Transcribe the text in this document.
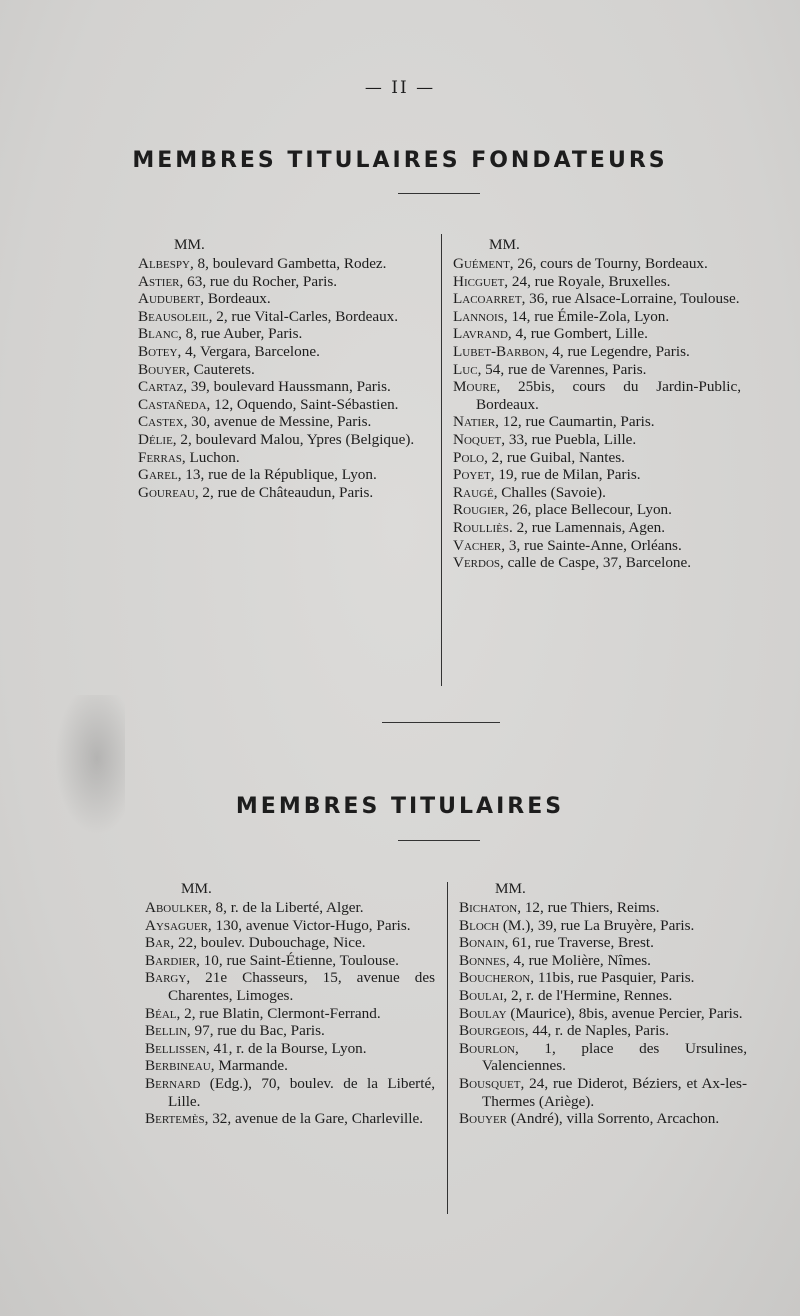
— II —
MEMBRES TITULAIRES FONDATEURS
MM.
Albespy, 8, boulevard Gambetta, Rodez.
Astier, 63, rue du Rocher, Paris.
Audubert, Bordeaux.
Beausoleil, 2, rue Vital-Carles, Bordeaux.
Blanc, 8, rue Auber, Paris.
Botey, 4, Vergara, Barcelone.
Bouyer, Cauterets.
Cartaz, 39, boulevard Haussmann, Paris.
Castañeda, 12, Oquendo, Saint-Sébastien.
Castex, 30, avenue de Messine, Paris.
Délie, 2, boulevard Malou, Ypres (Belgique).
Ferras, Luchon.
Garel, 13, rue de la République, Lyon.
Goureau, 2, rue de Châteaudun, Paris.
MM.
Guément, 26, cours de Tourny, Bordeaux.
Hicguet, 24, rue Royale, Bruxelles.
Lacoarret, 36, rue Alsace-Lorraine, Toulouse.
Lannois, 14, rue Émile-Zola, Lyon.
Lavrand, 4, rue Gombert, Lille.
Lubet-Barbon, 4, rue Legendre, Paris.
Luc, 54, rue de Varennes, Paris.
Moure, 25bis, cours du Jardin-Public, Bordeaux.
Natier, 12, rue Caumartin, Paris.
Noquet, 33, rue Puebla, Lille.
Polo, 2, rue Guibal, Nantes.
Poyet, 19, rue de Milan, Paris.
Raugé, Challes (Savoie).
Rougier, 26, place Bellecour, Lyon.
Roulliès. 2, rue Lamennais, Agen.
Vacher, 3, rue Sainte-Anne, Orléans.
Verdos, calle de Caspe, 37, Barcelone.
MEMBRES TITULAIRES
MM.
Aboulker, 8, r. de la Liberté, Alger.
Aysaguer, 130, avenue Victor-Hugo, Paris.
Bar, 22, boulev. Dubouchage, Nice.
Bardier, 10, rue Saint-Étienne, Toulouse.
Bargy, 21e Chasseurs, 15, avenue des Charentes, Limoges.
Béal, 2, rue Blatin, Clermont-Ferrand.
Bellin, 97, rue du Bac, Paris.
Bellissen, 41, r. de la Bourse, Lyon.
Berbineau, Marmande.
Bernard (Edg.), 70, boulev. de la Liberté, Lille.
Bertemès, 32, avenue de la Gare, Charleville.
MM.
Bichaton, 12, rue Thiers, Reims.
Bloch (M.), 39, rue La Bruyère, Paris.
Bonain, 61, rue Traverse, Brest.
Bonnes, 4, rue Molière, Nîmes.
Boucheron, 11bis, rue Pasquier, Paris.
Boulai, 2, r. de l'Hermine, Rennes.
Boulay (Maurice), 8bis, avenue Percier, Paris.
Bourgeois, 44, r. de Naples, Paris.
Bourlon, 1, place des Ursulines, Valenciennes.
Bousquet, 24, rue Diderot, Béziers, et Ax-les-Thermes (Ariège).
Bouyer (André), villa Sorrento, Arcachon.
